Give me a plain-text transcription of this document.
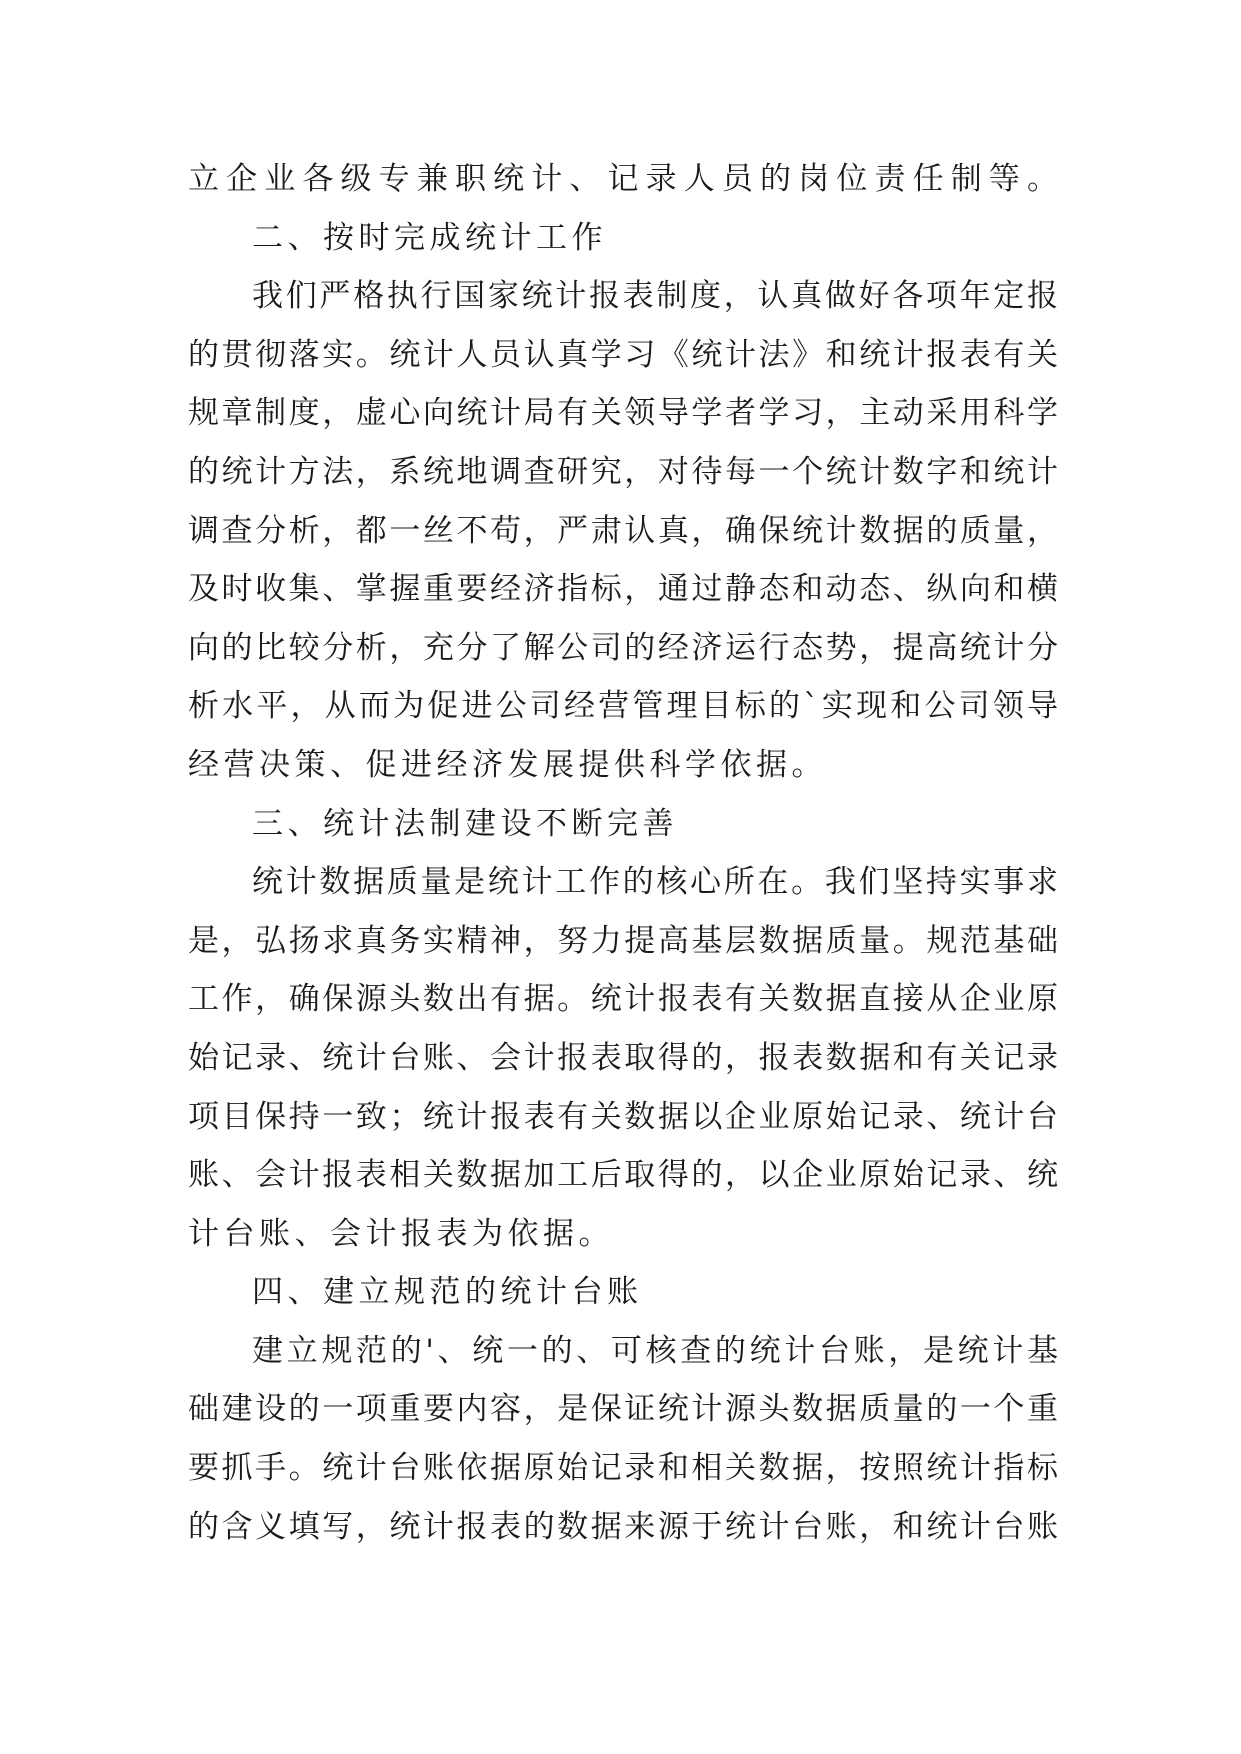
立企业各级专兼职统计、记录人员的岗位责任制等。
二、按时完成统计工作
我们严格执行国家统计报表制度，认真做好各项年定报
的贯彻落实。统计人员认真学习《统计法》和统计报表有关
规章制度，虚心向统计局有关领导学者学习，主动采用科学
的统计方法，系统地调查研究，对待每一个统计数字和统计
调查分析，都一丝不苟，严肃认真，确保统计数据的质量，
及时收集、掌握重要经济指标，通过静态和动态、纵向和横
向的比较分析，充分了解公司的经济运行态势，提高统计分
析水平，从而为促进公司经营管理目标的`实现和公司领导
经营决策、促进经济发展提供科学依据。
三、统计法制建设不断完善
统计数据质量是统计工作的核心所在。我们坚持实事求
是，弘扬求真务实精神，努力提高基层数据质量。规范基础
工作，确保源头数出有据。统计报表有关数据直接从企业原
始记录、统计台账、会计报表取得的，报表数据和有关记录
项目保持一致；统计报表有关数据以企业原始记录、统计台
账、会计报表相关数据加工后取得的，以企业原始记录、统
计台账、会计报表为依据。
四、建立规范的统计台账
建立规范的'、统一的、可核查的统计台账，是统计基
础建设的一项重要内容，是保证统计源头数据质量的一个重
要抓手。统计台账依据原始记录和相关数据，按照统计指标
的含义填写，统计报表的数据来源于统计台账，和统计台账
